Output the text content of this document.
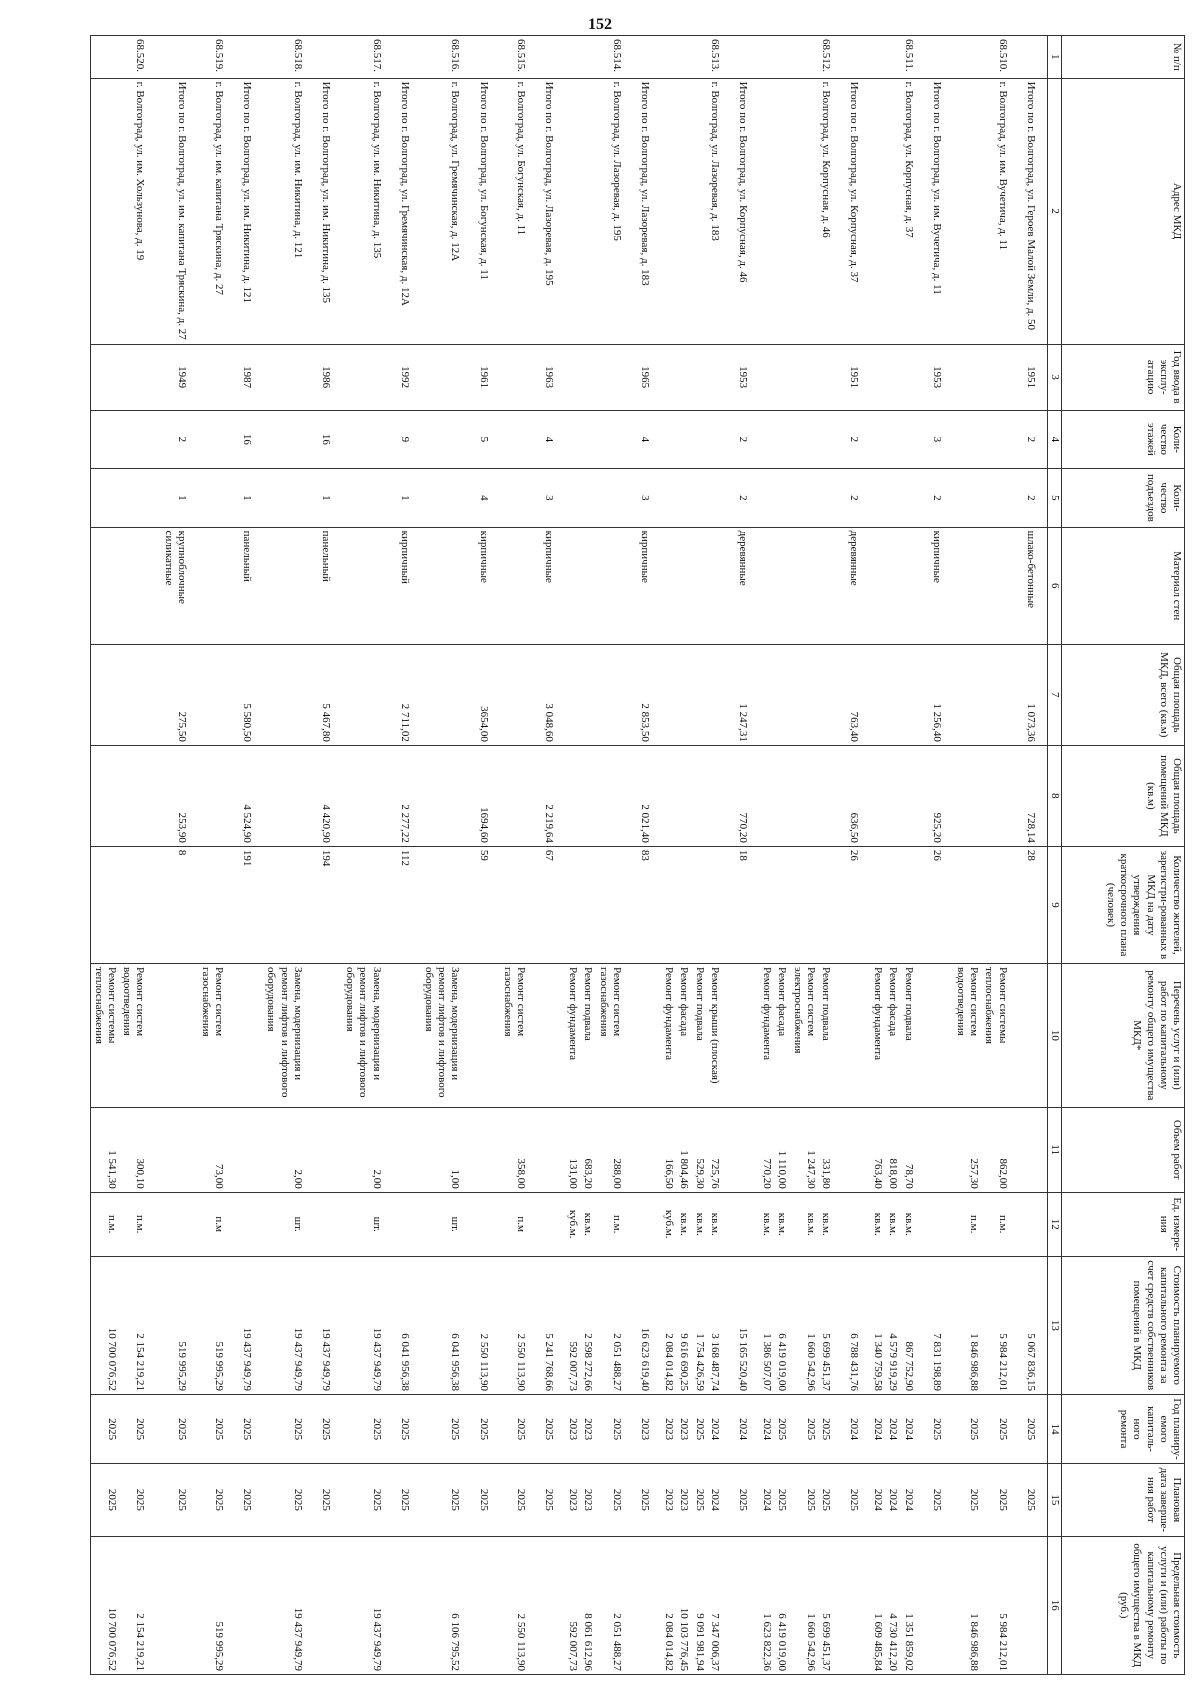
152
№ п/п	Адрес МКД	Год ввода в эксплу-атацию	Коли-чество этажей	Коли-чество подъездов	Материал стен	Общая площадь МКД, всего (кв.м)	Общая площадь помещений МКД (кв.м)	Количество жителей, зарегистри-рованных в МКД на дату утверждения краткосрочного плана (человек)	Перечень услуг и (или) работ по капитальному ремонту общего имущества МКД*	Объем работ	Ед. измере-ния	Стоимость планируемого капитального ремонта за счет средств собственников помещений в МКД	Год планиру-емого капиталь-ного ремонта	Плановая дата заверше-ния работ	Предельная стоимость услуги и (или) работы по капитальному ремонту общего имущества в МКД (руб.)
1	2	3	4	5	6	7	8	9	10	11	12	13	14	15	16
	Итого по г. Волгоград, ул. Героев Малой Земли, д. 50	1951	2	2	шлако-бетонные	1 073,36	728,14	28				5 067 836,15	2025	2025	
68.510.	г. Волгоград, ул. им. Вучетича, д. 11								Ремонт системы теплоснабжения	862,00	п.м.	5 984 212,01	2025	2025	5 984 212,01
									Ремонт систем водоотведения	257,30	п.м.	1 846 986,88	2025	2025	1 846 986,88
	Итого по г. Волгоград, ул. им. Вучетича, д. 11	1953	3	2	кирпичные	1 256,40	925,20	26				7 831 198,89	2025	2025	
68.511.	г. Волгоград, ул. Корпусная, д. 37								Ремонт подвала	78,70	кв.м.	867 752,90	2024	2024	1 351 859,02
									Ремонт фасада	818,00	кв.м.	4 579 919,29	2024	2024	4 730 412,20
									Ремонт фундамента	763,40	кв.м.	1 340 759,58	2024	2024	1 609 485,84
	Итого по г. Волгоград, ул. Корпусная, д. 37	1951	2	2	деревянные	763,40	636,50	26				6 788 431,76	2024	2025	
68.512.	г. Волгоград, ул. Корпусная, д. 46								Ремонт подвала	331,80	кв.м.	5 699 451,37	2025	2025	5 699 451,37
									Ремонт систем электроснабжения	1 247,30	кв.м.	1 660 542,96	2025	2025	1 660 542,96
									Ремонт фасада	1 110,00	кв.м.	6 419 019,00	2025	2025	6 419 019,00
									Ремонт фундамента	770,20	кв.м.	1 386 507,07	2024	2024	1 623 822,36
	Итого по г. Волгоград, ул. Корпусная, д. 46	1953	2	2	деревянные	1 247,31	770,20	18				15 165 520,40	2024	2025	
68.513.	г. Волгоград, ул. Лазоревая, д. 183								Ремонт крыши (плоская)	725,76	кв.м.	3 168 487,74	2024	2024	7 347 006,37
									Ремонт подвала	529,30	кв.м.	1 754 426,59	2025	2025	9 091 981,94
									Ремонт фасада	1 804,46	кв.м.	9 616 690,25	2023	2023	10 103 776,45
									Ремонт фундамента	166,50	куб.м.	2 084 014,82	2023	2023	2 084 014,82
	Итого по г. Волгоград, ул. Лазоревая, д. 183	1965	4	3	кирпичные	2 853,50	2 021,40	83				16 623 619,40	2023	2025	
68.514.	г. Волгоград, ул. Лазоревая, д. 195								Ремонт систем газоснабжения	288,00	п.м.	2 051 488,27	2025	2025	2 051 488,27
									Ремонт подвала	683,20	кв.м.	2 598 272,66	2023	2023	8 061 612,96
									Ремонт фундамента	131,00	куб.м.	592 007,73	2023	2023	592 007,73
	Итого по г. Волгоград, ул. Лазоревая, д. 195	1963	4	3	кирпичные	3 048,60	2 219,64	67				5 241 768,66	2025	2025	
68.515.	г. Волгоград, ул. Богунская, д. 11								Ремонт систем газоснабжения	358,00	п.м	2 550 113,90	2025	2025	2 550 113,90
	Итого по г. Волгоград, ул. Богунская, д. 11	1961	5	4	кирпичные	3654,00	1694,60	59				2 550 113,90	2025	2025	
68.516.	г. Волгоград, ул. Гремячинская, д. 12А								Замена, модернизация и ремонт лифтов и лифтового оборудования	1,00	шт.	6 041 956,38	2025	2025	6 106 795,52
	Итого по г. Волгоград, ул. Гремячинская, д. 12А	1992	9	1	кирпичный	2 711,02	2 277,22	112				6 041 956,38	2025	2025	
68.517.	г. Волгоград, ул. им. Никитина, д. 135								Замена, модернизация и ремонт лифтов и лифтового оборудования	2,00	шт.	19 437 949,79	2025	2025	19 437 949,79
	Итого по г. Волгоград, ул. им. Никитина, д. 135	1986	16	1	панельный	5 467,80	4 420,90	194				19 437 949,79	2025	2025	
68.518.	г. Волгоград, ул. им. Никитина, д. 121								Замена, модернизация и ремонт лифтов и лифтового оборудования	2,00	шт.	19 437 949,79	2025	2025	19 437 949,79
	Итого по г. Волгоград, ул. им. Никитина, д. 121	1987	16	1	панельный	5 580,50	4 524,90	191				19 437 949,79	2025	2025	
68.519.	г. Волгоград, ул. им. капитана Тряскина, д. 27								Ремонт систем газоснабжения	73,00	п.м	519 995,29	2025	2025	519 995,29
	Итого по г. Волгоград, ул. им. капитана Тряскина, д. 27	1949	2	1	крупноблочные силикатные	275,50	253,90	8				519 995,29	2025	2025	
68.520.	г. Волгоград, ул. им. Хользунова, д. 19								Ремонт систем водоотведения	300,10	п.м.	2 154 219,21	2025	2025	2 154 219,21
									Ремонт системы теплоснабжения	1 541,30	п.м.	10 700 076,52	2025	2025	10 700 076,52
